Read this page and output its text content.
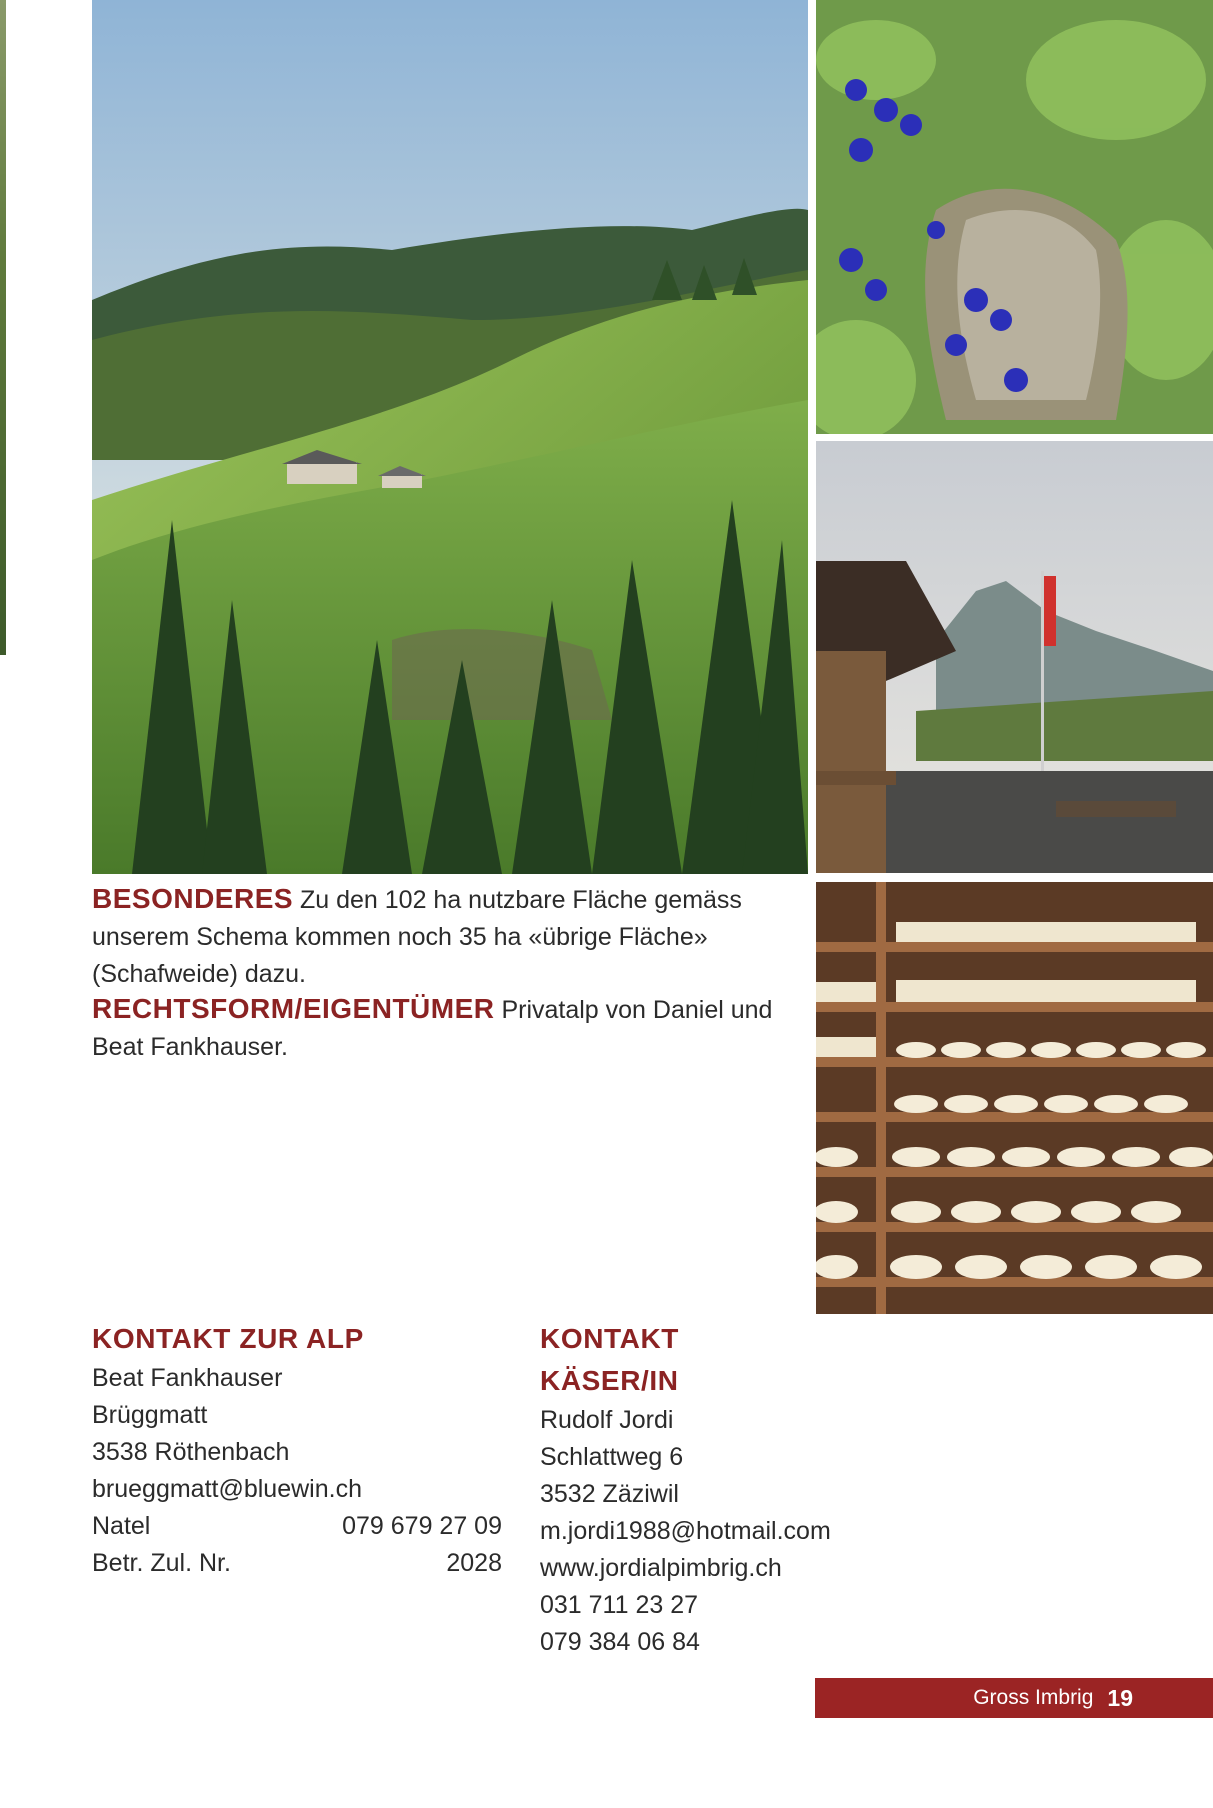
BESONDERES Zu den 102 ha nutzbare Fläche gemäss unserem Schema kommen noch 35 ha «übrige Fläche» (Schafweide) dazu.
RECHTSFORM/EIGENTÜMER Privatalp von Daniel und Beat Fankhauser.
KONTAKT ZUR ALP
Beat Fankhauser
Brüggmatt
3538 Röthenbach
brueggmatt@bluewin.ch
Natel	079 679 27 09
Betr. Zul. Nr.	2028
KONTAKT KÄSER/IN
Rudolf Jordi
Schlattweg 6
3532 Zäziwil
m.jordi1988@hotmail.com
www.jordialpimbrig.ch
031 711 23 27
079 384 06 84
Gross Imbrig 19
